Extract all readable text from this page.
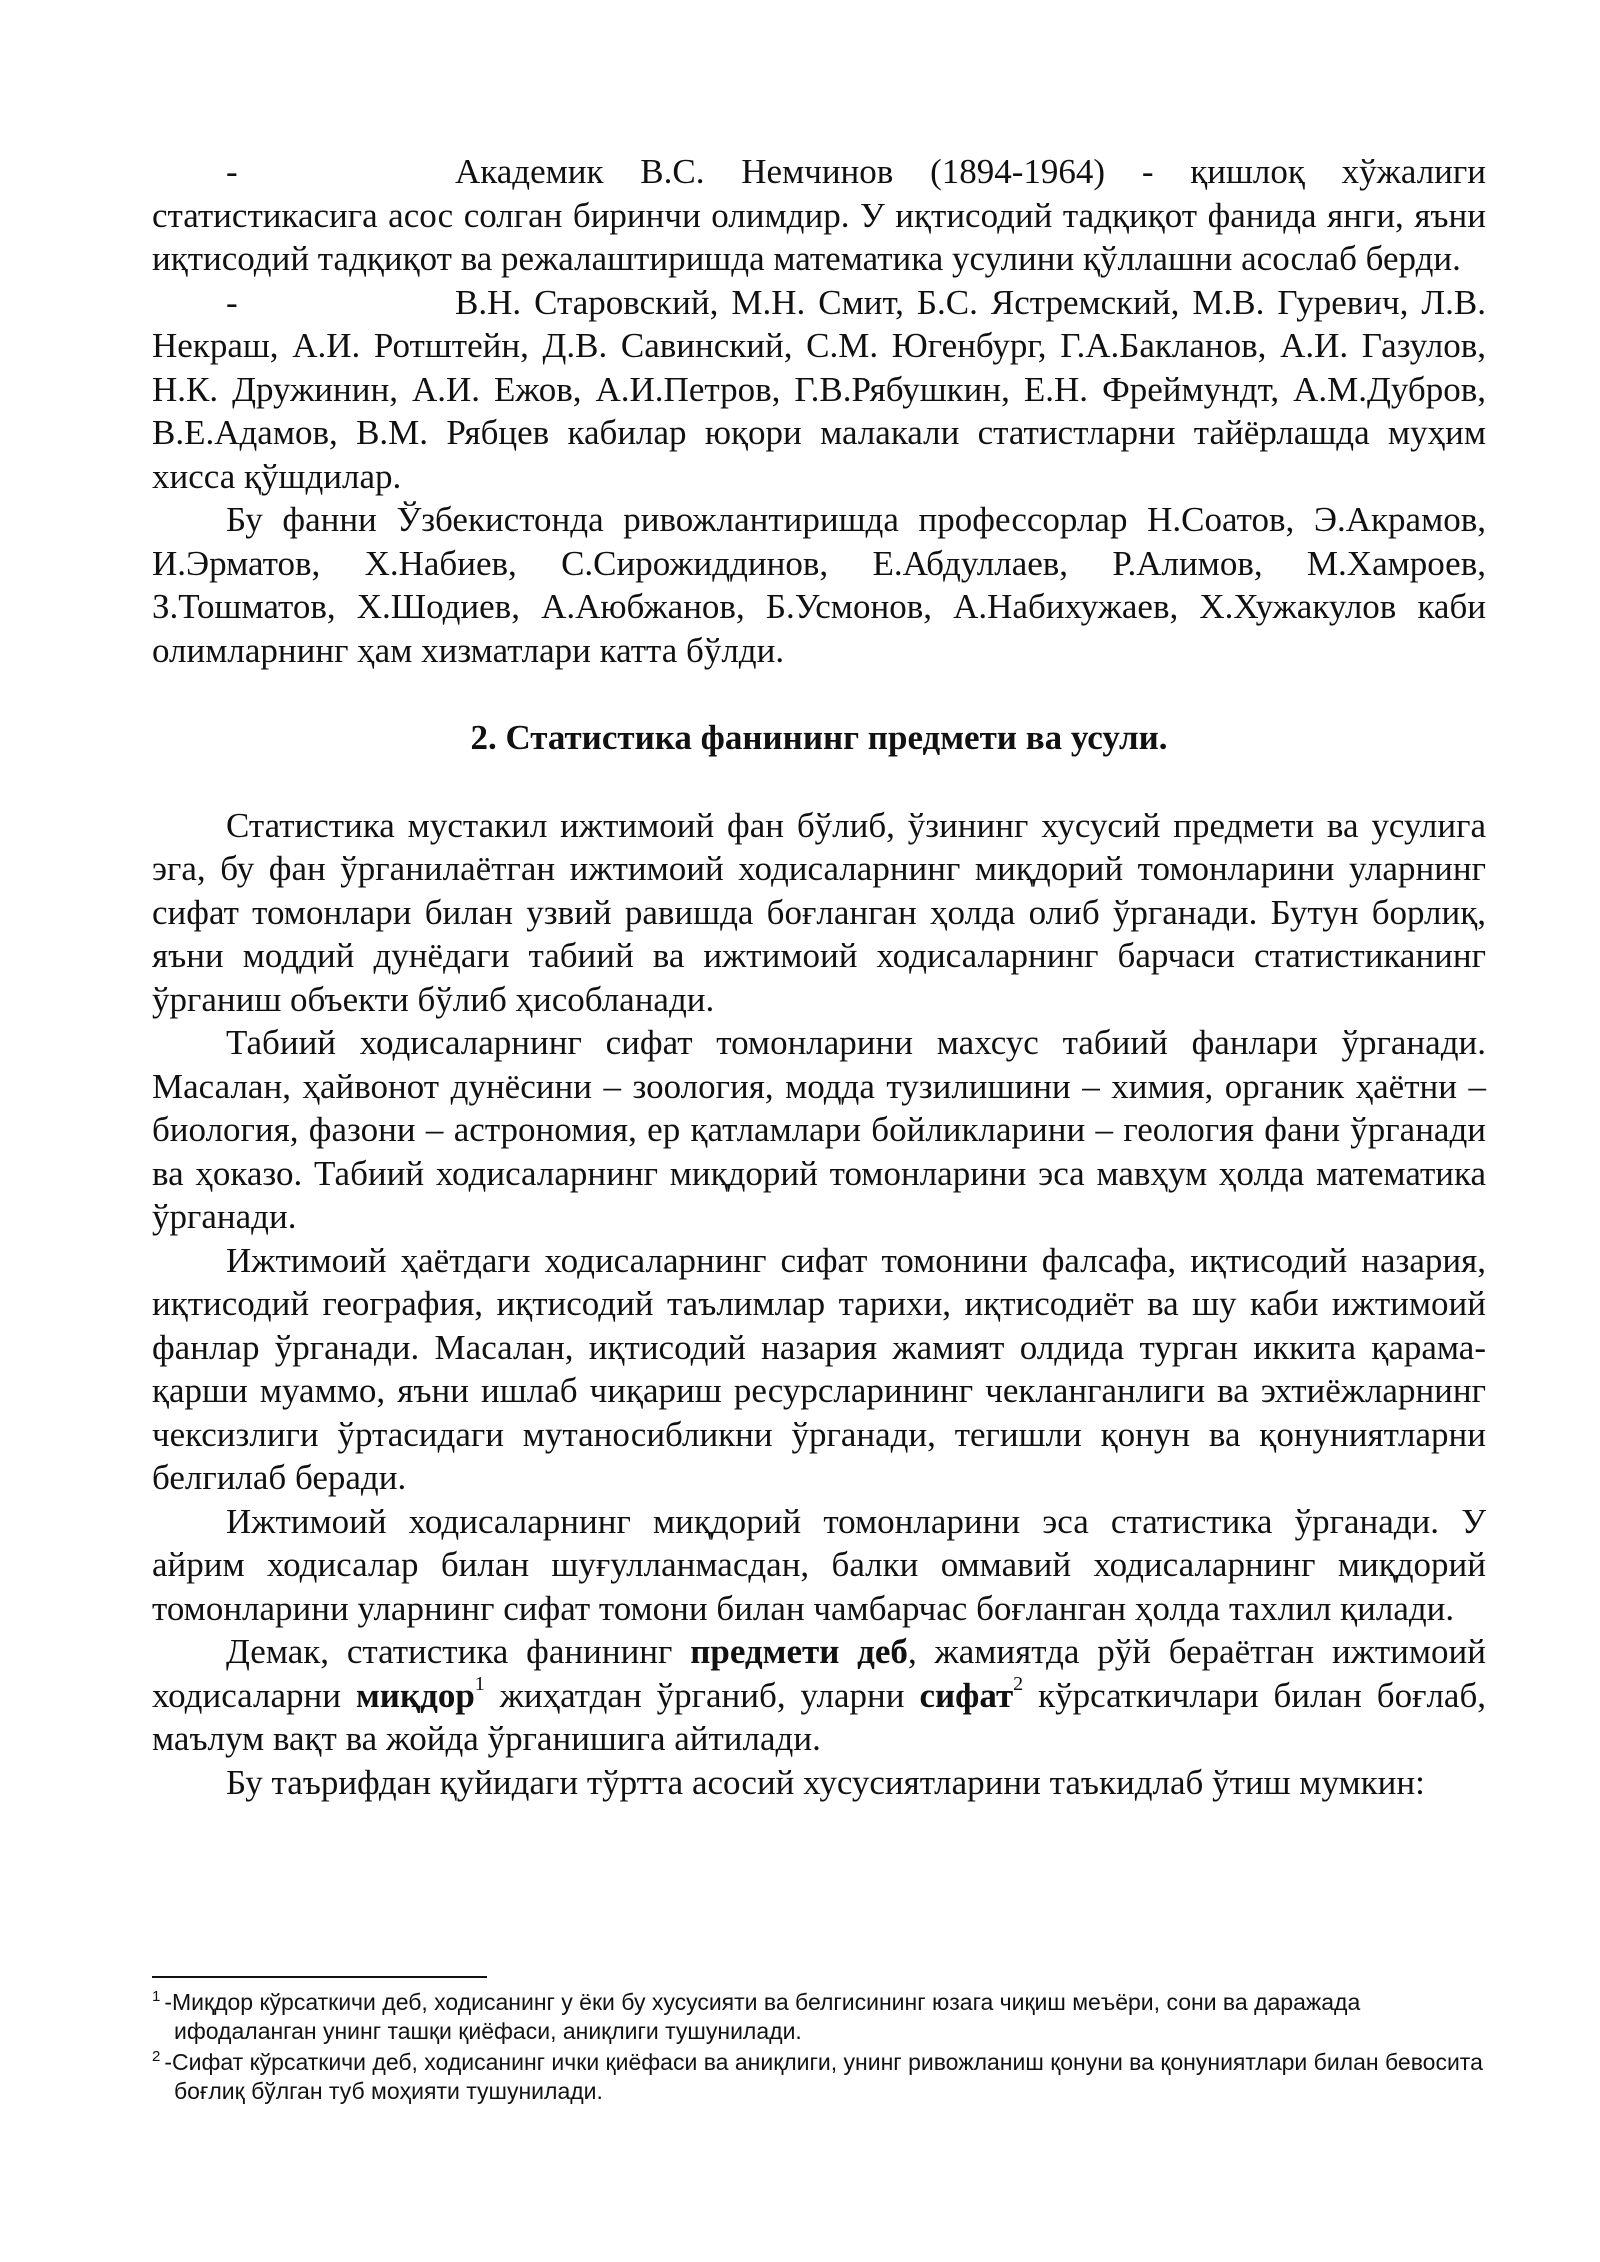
-	Академик В.С. Немчинов (1894-1964) - қишлоқ хўжалиги статистикасига асос солган биринчи олимдир. У иқтисодий тадқиқот фанида янги, яъни иқтисодий тадқиқот ва режалаштиришда математика усулини қўллашни асослаб берди.

-	В.Н. Старовский, М.Н. Смит, Б.С. Ястремский, М.В. Гуревич, Л.В. Некраш, А.И. Ротштейн, Д.В. Савинский, С.М. Югенбург, Г.А.Бакланов, А.И. Газулов, Н.К. Дружинин, А.И. Ежов, А.И.Петров, Г.В.Рябушкин, Е.Н. Фреймундт, А.М.Дубров, В.Е.Адамов, В.М. Рябцев кабилар юқори малакали статистларни тайёрлашда муҳим хисса қўшдилар.

Бу фанни Ўзбекистонда ривожлантиришда профессорлар Н.Соатов, Э.Акрамов, И.Эрматов, Х.Набиев, С.Сирожиддинов, Е.Абдуллаев, Р.Алимов, М.Хамроев, З.Тошматов, Х.Шодиев, А.Аюбжанов, Б.Усмонов, А.Набихужаев, Х.Хужакулов каби олимларнинг ҳам хизматлари катта бўлди.

2. Статистика фанининг предмети ва усули.

Статистика мустакил ижтимоий фан бўлиб, ўзининг хусусий предмети ва усулига эга, бу фан ўрганилаётган ижтимоий ходисаларнинг миқдорий томонларини уларнинг сифат томонлари билан узвий равишда боғланган ҳолда олиб ўрганади. Бутун борлиқ, яъни моддий дунёдаги табиий ва ижтимоий ходисаларнинг барчаси статистиканинг ўрганиш объекти бўлиб ҳисобланади.

Табиий ходисаларнинг сифат томонларини махсус табиий фанлари ўрганади. Масалан, ҳайвонот дунёсини – зоология, модда тузилишини – химия, органик ҳаётни – биология, фазони – астрономия, ер қатламлари бойликларини – геология фани ўрганади ва ҳоказо. Табиий ходисаларнинг миқдорий томонларини эса мавҳум ҳолда математика ўрганади.

Ижтимоий ҳаётдаги ходисаларнинг сифат томонини фалсафа, иқтисодий назария, иқтисодий география, иқтисодий таълимлар тарихи, иқтисодиёт ва шу каби ижтимоий фанлар ўрганади. Масалан, иқтисодий назария жамият олдида турган иккита қарама-қарши муаммо, яъни ишлаб чиқариш ресурсларининг чекланганлиги ва эхтиёжларнинг чексизлиги ўртасидаги мутаносибликни ўрганади, тегишли қонун ва қонуниятларни белгилаб беради.

Ижтимоий ходисаларнинг миқдорий томонларини эса статистика ўрганади. У айрим ходисалар билан шуғулланмасдан, балки оммавий ходисаларнинг миқдорий томонларини уларнинг сифат томони билан чамбарчас боғланган ҳолда тахлил қилади.

Демак, статистика фанининг предмети деб, жамиятда рўй бераётган ижтимоий ходисаларни миқдор$^1$ жиҳатдан ўрганиб, уларни сифат$^2$ кўрсаткичлари билан боғлаб, маълум вақт ва жойда ўрганишига айтилади.

Бу таърифдан қуйидаги тўртта асосий хусусиятларини таъкидлаб ўтиш мумкин:

$^1$ -Миқдор кўрсаткичи деб, ходисанинг у ёки бу хусусияти ва белгисининг юзага чиқиш меъёри, сони ва даражада ифодаланган унинг ташқи қиёфаси, аниқлиги тушунилади.

$^2$ -Сифат кўрсаткичи деб, ходисанинг ички қиёфаси ва аниқлиги, унинг ривожланиш қонуни ва қонуниятлари билан бевосита боғлиқ бўлган туб моҳияти тушунилади.
